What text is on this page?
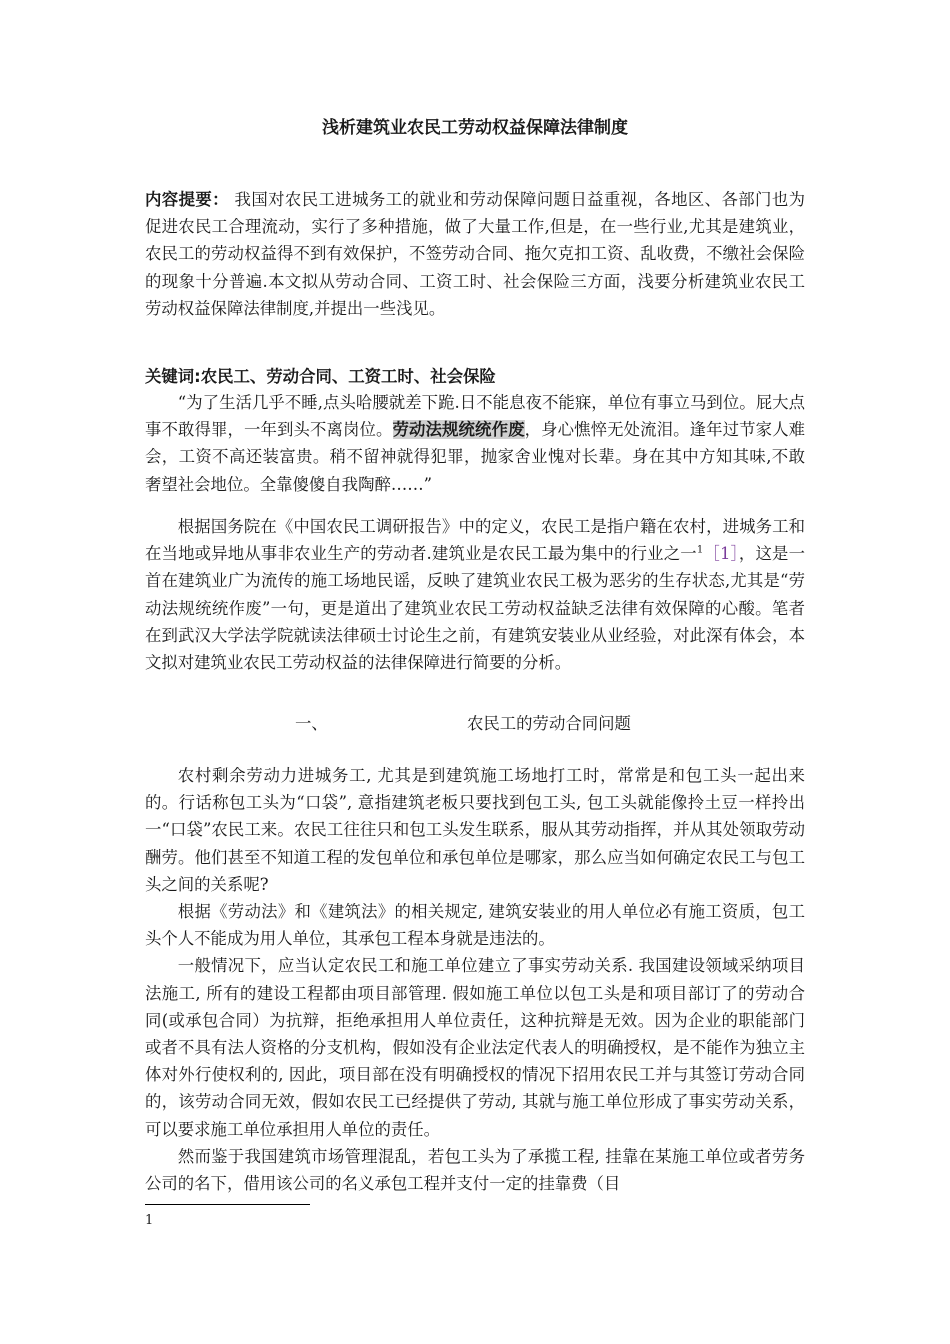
浅析建筑业农民工劳动权益保障法律制度

内容提要： 我国对农民工进城务工的就业和劳动保障问题日益重视，各地区、各部门也为促进农民工合理流动，实行了多种措施，做了大量工作,但是，在一些行业,尤其是建筑业，农民工的劳动权益得不到有效保护，不签劳动合同、拖欠克扣工资、乱收费，不缴社会保险的现象十分普遍.本文拟从劳动合同、工资工时、社会保险三方面，浅要分析建筑业农民工劳动权益保障法律制度,并提出一些浅见。

关键词:农民工、劳动合同、工资工时、社会保险

“为了生活几乎不睡,点头哈腰就差下跪.日不能息夜不能寐，单位有事立马到位。屁大点事不敢得罪，一年到头不离岗位。劳动法规统统作废，身心憔悴无处流泪。逢年过节家人难会，工资不高还装富贵。稍不留神就得犯罪，抛家舍业愧对长辈。身在其中方知其味,不敢奢望社会地位。全靠傻傻自我陶醉……”

根据国务院在《中国农民工调研报告》中的定义，农民工是指户籍在农村，进城务工和在当地或异地从事非农业生产的劳动者.建筑业是农民工最为集中的行业之一$^1$［1］，这是一首在建筑业广为流传的施工场地民谣，反映了建筑业农民工极为恶劣的生存状态,尤其是“劳动法规统统作废”一句，更是道出了建筑业农民工劳动权益缺乏法律有效保障的心酸。笔者在到武汉大学法学院就读法律硕士讨论生之前，有建筑安装业从业经验，对此深有体会，本文拟对建筑业农民工劳动权益的法律保障进行简要的分析。

一、	农民工的劳动合同问题

农村剩余劳动力进城务工, 尤其是到建筑施工场地打工时，常常是和包工头一起出来的。行话称包工头为“口袋”, 意指建筑老板只要找到包工头, 包工头就能像拎土豆一样拎出一“口袋”农民工来。农民工往往只和包工头发生联系，服从其劳动指挥，并从其处领取劳动酬劳。他们甚至不知道工程的发包单位和承包单位是哪家，那么应当如何确定农民工与包工头之间的关系呢?

根据《劳动法》和《建筑法》的相关规定, 建筑安装业的用人单位必有施工资质，包工头个人不能成为用人单位，其承包工程本身就是违法的。

一般情况下，应当认定农民工和施工单位建立了事实劳动关系. 我国建设领域采纳项目法施工, 所有的建设工程都由项目部管理. 假如施工单位以包工头是和项目部订了的劳动合同(或承包合同）为抗辩，拒绝承担用人单位责任，这种抗辩是无效。因为企业的职能部门或者不具有法人资格的分支机构，假如没有企业法定代表人的明确授权，是不能作为独立主体对外行使权利的, 因此，项目部在没有明确授权的情况下招用农民工并与其签订劳动合同的，该劳动合同无效，假如农民工已经提供了劳动, 其就与施工单位形成了事实劳动关系，可以要求施工单位承担用人单位的责任。

然而鉴于我国建筑市场管理混乱，若包工头为了承揽工程, 挂靠在某施工单位或者劳务公司的名下，借用该公司的名义承包工程并支付一定的挂靠费（目

1
